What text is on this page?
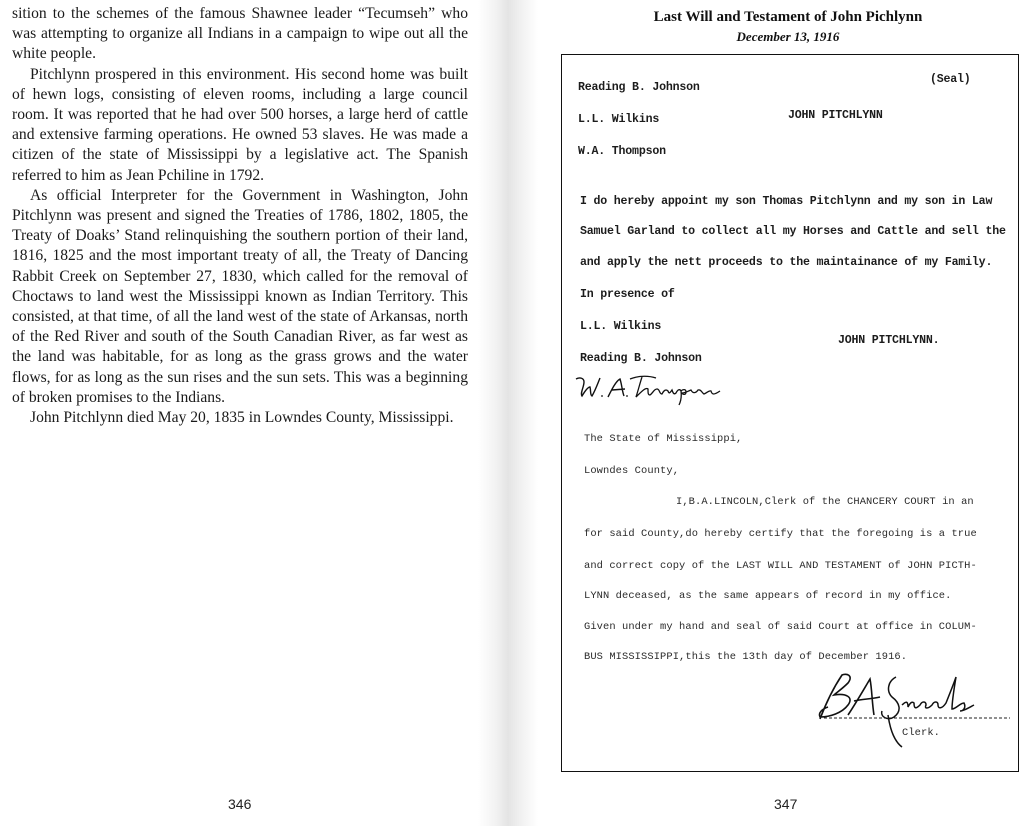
sition to the schemes of the famous Shawnee leader “Tecumseh” who was attempting to organize all Indians in a campaign to wipe out all the white people.

Pitchlynn prospered in this environment. His second home was built of hewn logs, consisting of eleven rooms, including a large council room. It was reported that he had over 500 horses, a large herd of cattle and extensive farming operations. He owned 53 slaves. He was made a citizen of the state of Mississippi by a legislative act. The Spanish referred to him as Jean Pchiline in 1792.

As official Interpreter for the Government in Washington, John Pitchlynn was present and signed the Treaties of 1786, 1802, 1805, the Treaty of Doaks’ Stand relinquishing the southern portion of their land, 1816, 1825 and the most important treaty of all, the Treaty of Dancing Rabbit Creek on September 27, 1830, which called for the removal of Choctaws to land west the Mississippi known as Indian Territory. This consisted, at that time, of all the land west of the state of Arkansas, north of the Red River and south of the South Canadian River, as far west as the land was habitable, for as long as the grass grows and the water flows, for as long as the sun rises and the sun sets. This was a beginning of broken promises to the Indians.

John Pitchlynn died May 20, 1835 in Lowndes County, Mississippi.

346
Last Will and Testament of John Pichlynn
December 13, 1916
Reading B. Johnson
(Seal)
L.L. Wilkins	JOHN PITCHLYNN
W.A. Thompson
I do hereby appoint my son Thomas Pitchlynn and my son in Law
Samuel Garland to collect all my Horses and Cattle and sell the
and apply the nett proceeds to the maintainance of my Family.
In presence of
L.L. Wilkins
JOHN PITCHLYNN.
Reading B. Johnson
The State of Mississippi,
Lowndes County,
I,B.A.LINCOLN,Clerk of the CHANCERY COURT in an
for said County,do hereby certify that the foregoing is a true
and correct copy of the LAST WILL AND TESTAMENT of JOHN PICTH-
LYNN deceased, as the same appears of record in my office.
Given under my hand and seal of said Court at office in COLUM-
BUS MISSISSIPPI,this the 13th day of December 1916.
Clerk.
347
